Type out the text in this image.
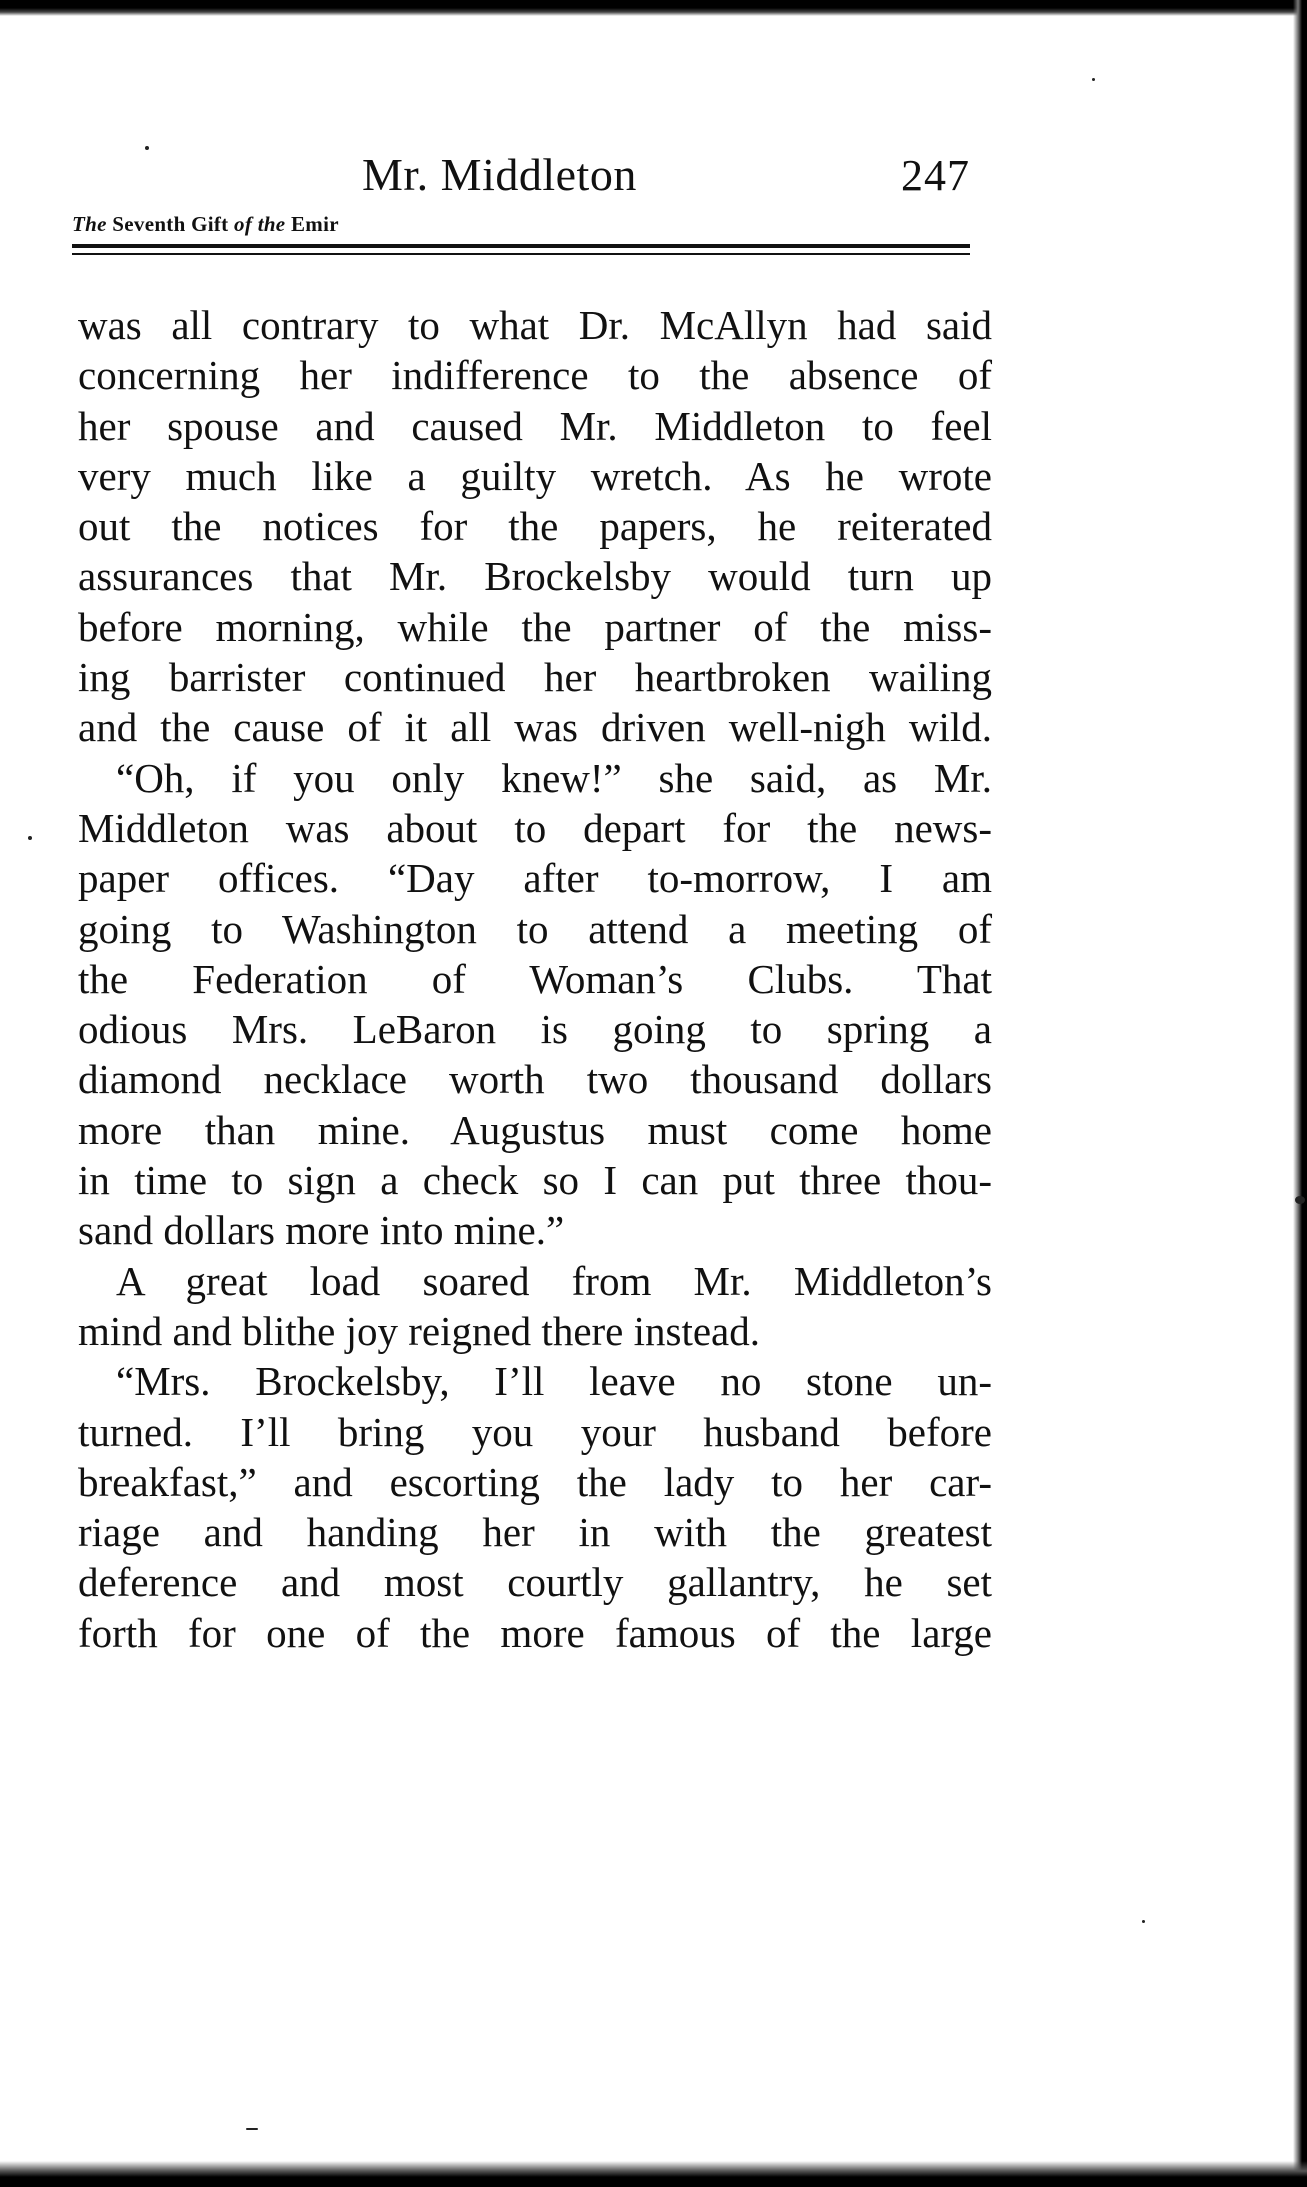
Mr. Middleton	247
The Seventh Gift of the Emir
was all contrary to what Dr. McAllyn had said
concerning her indifference to the absence of
her spouse and caused Mr. Middleton to feel
very much like a guilty wretch. As he wrote
out the notices for the papers, he reiterated
assurances that Mr. Brockelsby would turn up
before morning, while the partner of the miss-
ing barrister continued her heartbroken wailing
and the cause of it all was driven well-nigh wild.
“Oh, if you only knew!” she said, as Mr.
Middleton was about to depart for the news-
paper offices. “Day after to-morrow, I am
going to Washington to attend a meeting of
the Federation of Woman’s Clubs. That
odious Mrs. LeBaron is going to spring a
diamond necklace worth two thousand dollars
more than mine. Augustus must come home
in time to sign a check so I can put three thou-
sand dollars more into mine.”
A great load soared from Mr. Middleton’s
mind and blithe joy reigned there instead.
“Mrs. Brockelsby, I’ll leave no stone un-
turned. I’ll bring you your husband before
breakfast,” and escorting the lady to her car-
riage and handing her in with the greatest
deference and most courtly gallantry, he set
forth for one of the more famous of the large
